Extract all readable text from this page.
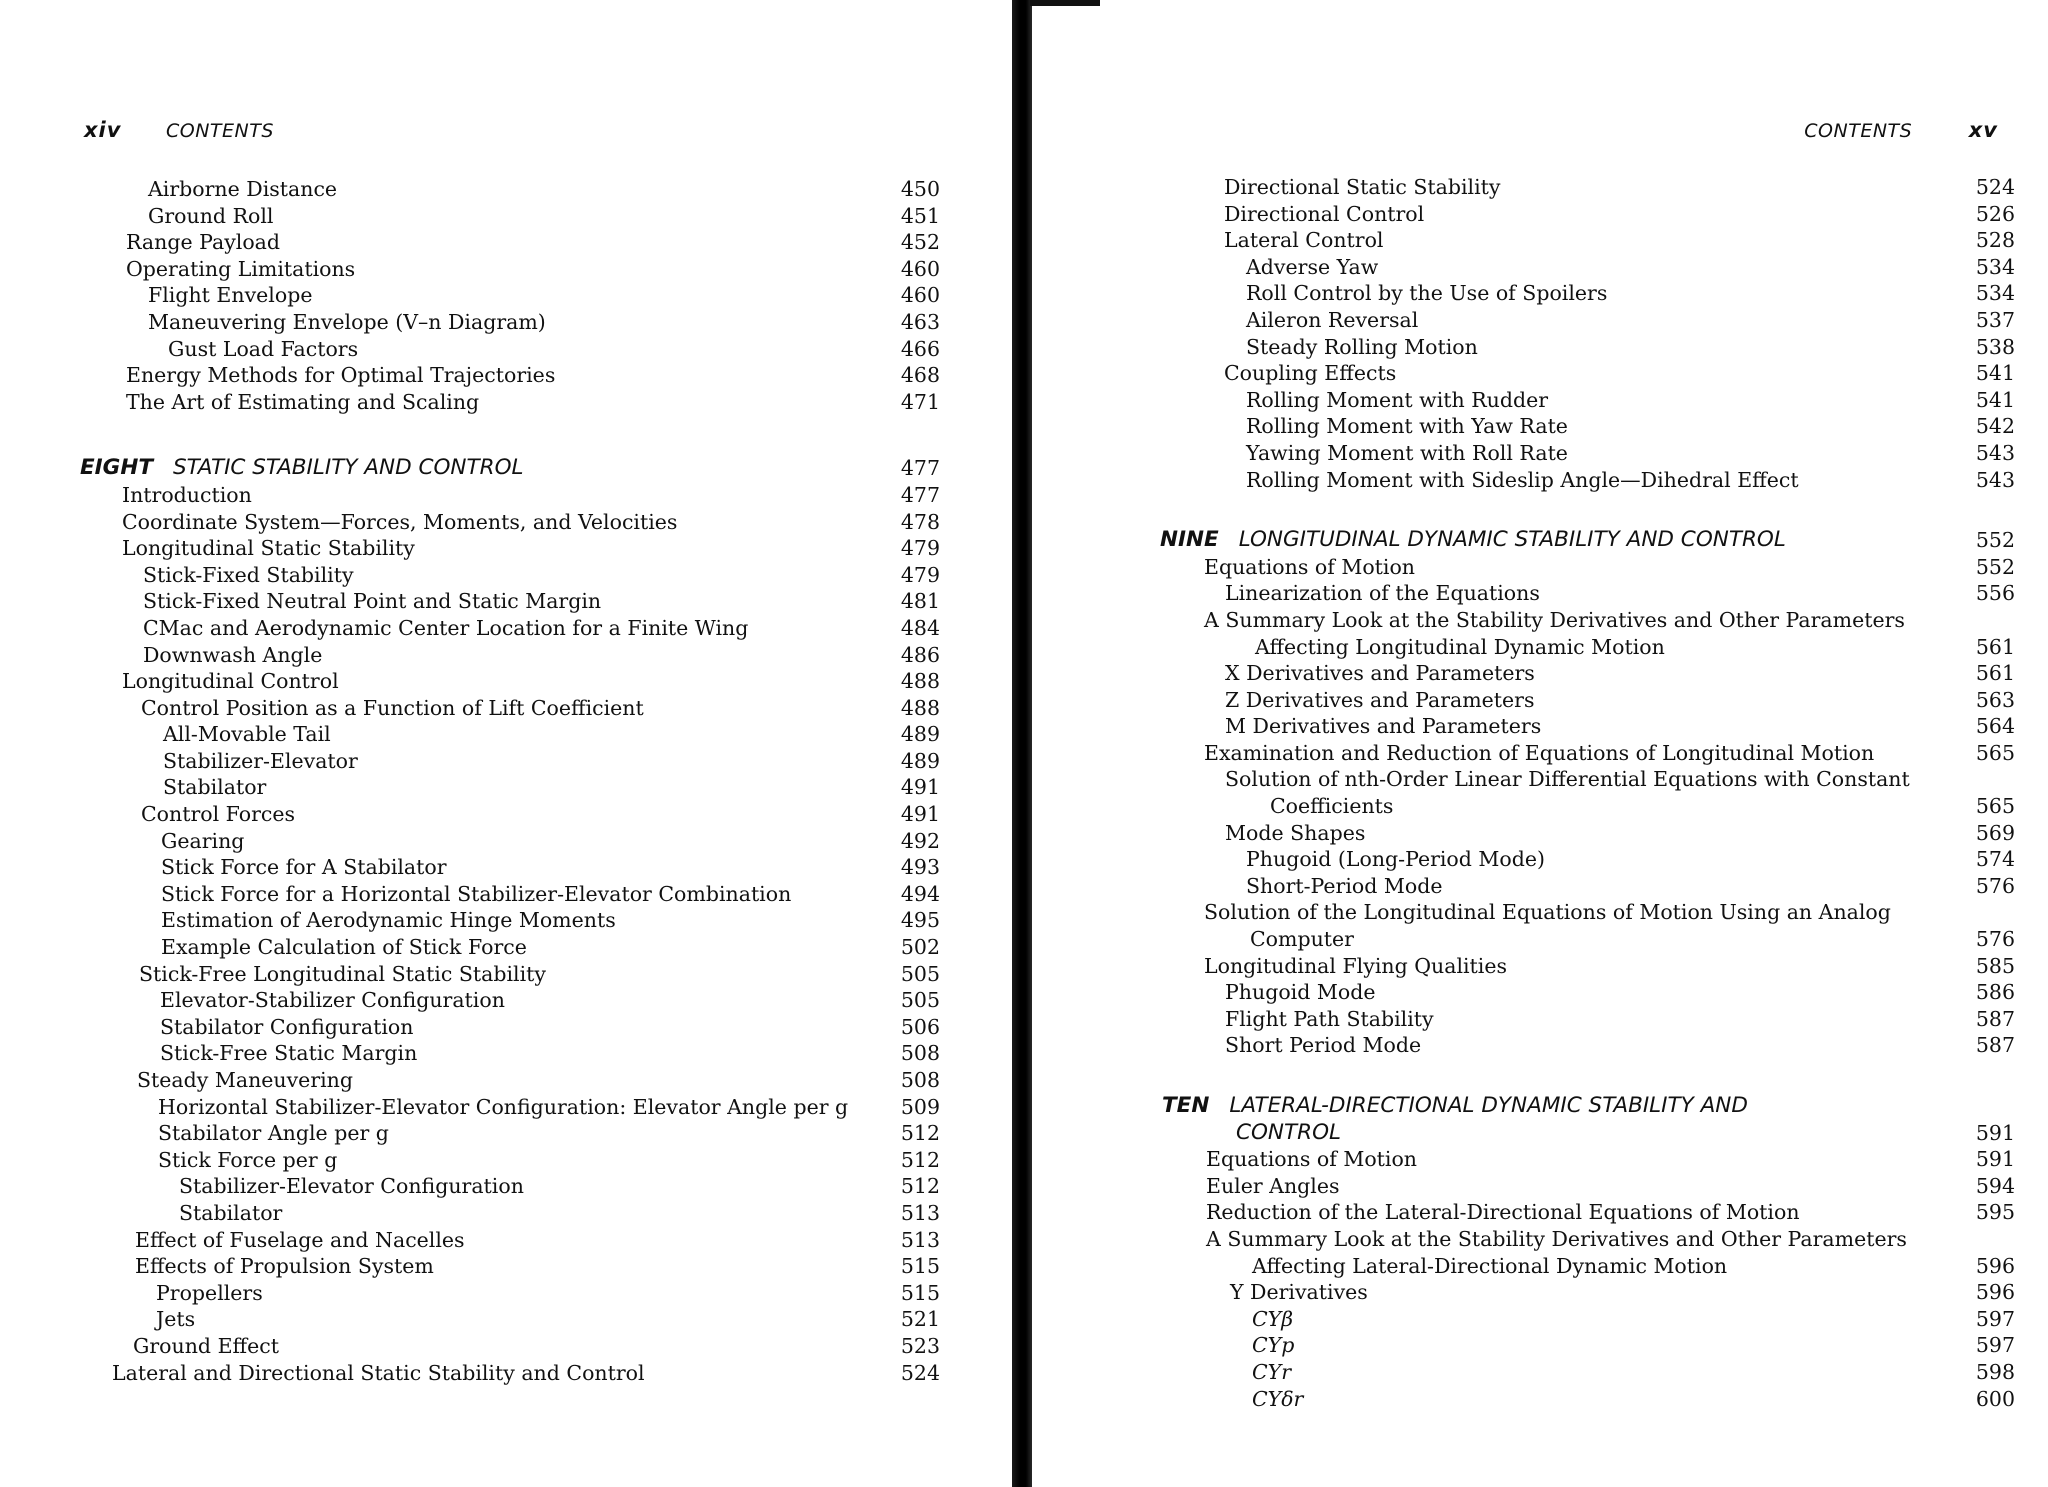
xiv CONTENTS
Airborne Distance	450
Ground Roll	451
Range Payload	452
Operating Limitations	460
Flight Envelope	460
Maneuvering Envelope (V–n Diagram)	463
Gust Load Factors	466
Energy Methods for Optimal Trajectories	468
The Art of Estimating and Scaling	471
EIGHT STATIC STABILITY AND CONTROL	477
Introduction	477
Coordinate System—Forces, Moments, and Velocities	478
Longitudinal Static Stability	479
Stick-Fixed Stability	479
Stick-Fixed Neutral Point and Static Margin	481
CMac and Aerodynamic Center Location for a Finite Wing	484
Downwash Angle	486
Longitudinal Control	488
Control Position as a Function of Lift Coefficient	488
All-Movable Tail	489
Stabilizer-Elevator	489
Stabilator	491
Control Forces	491
Gearing	492
Stick Force for A Stabilator	493
Stick Force for a Horizontal Stabilizer-Elevator Combination	494
Estimation of Aerodynamic Hinge Moments	495
Example Calculation of Stick Force	502
Stick-Free Longitudinal Static Stability	505
Elevator-Stabilizer Configuration	505
Stabilator Configuration	506
Stick-Free Static Margin	508
Steady Maneuvering	508
Horizontal Stabilizer-Elevator Configuration: Elevator Angle per g	509
Stabilator Angle per g	512
Stick Force per g	512
Stabilizer-Elevator Configuration	512
Stabilator	513
Effect of Fuselage and Nacelles	513
Effects of Propulsion System	515
Propellers	515
Jets	521
Ground Effect	523
Lateral and Directional Static Stability and Control	524
CONTENTS	xv
Directional Static Stability	524
Directional Control	526
Lateral Control	528
Adverse Yaw	534
Roll Control by the Use of Spoilers	534
Aileron Reversal	537
Steady Rolling Motion	538
Coupling Effects	541
Rolling Moment with Rudder	541
Rolling Moment with Yaw Rate	542
Yawing Moment with Roll Rate	543
Rolling Moment with Sideslip Angle—Dihedral Effect	543
NINE LONGITUDINAL DYNAMIC STABILITY AND CONTROL	552
Equations of Motion	552
Linearization of the Equations	556
A Summary Look at the Stability Derivatives and Other Parameters
Affecting Longitudinal Dynamic Motion	561
X Derivatives and Parameters	561
Z Derivatives and Parameters	563
M Derivatives and Parameters	564
Examination and Reduction of Equations of Longitudinal Motion	565
Solution of nth-Order Linear Differential Equations with Constant
Coefficients	565
Mode Shapes	569
Phugoid (Long-Period Mode)	574
Short-Period Mode	576
Solution of the Longitudinal Equations of Motion Using an Analog
Computer	576
Longitudinal Flying Qualities	585
Phugoid Mode	586
Flight Path Stability	587
Short Period Mode	587
TEN LATERAL-DIRECTIONAL DYNAMIC STABILITY AND
CONTROL	591
Equations of Motion	591
Euler Angles	594
Reduction of the Lateral-Directional Equations of Motion	595
A Summary Look at the Stability Derivatives and Other Parameters
Affecting Lateral-Directional Dynamic Motion	596
Y Derivatives	596
CYβ	597
CYp	597
CYr	598
CYδr	600
